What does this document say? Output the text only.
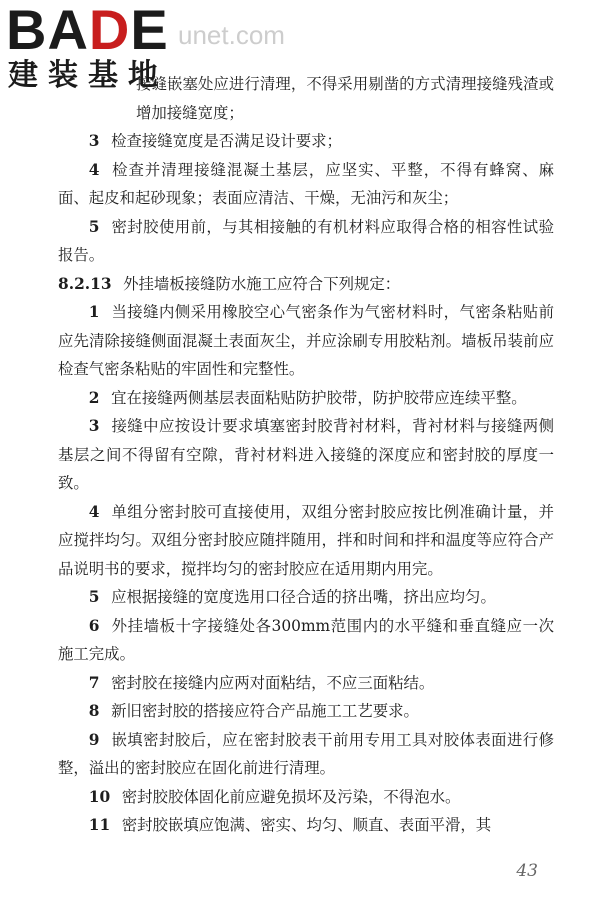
BADE
建装基地
unet.com

接缝嵌塞处应进行清理，不得采用剔凿的方式清理接缝残渣或增加接缝宽度；

3 检查接缝宽度是否满足设计要求；

4 检查并清理接缝混凝土基层，应坚实、平整，不得有蜂窝、麻面、起皮和起砂现象；表面应清洁、干燥，无油污和灰尘；

5 密封胶使用前，与其相接触的有机材料应取得合格的相容性试验报告。

8.2.13 外挂墙板接缝防水施工应符合下列规定：

1 当接缝内侧采用橡胶空心气密条作为气密材料时，气密条粘贴前应先清除接缝侧面混凝土表面灰尘，并应涂刷专用胶粘剂。墙板吊装前应检查气密条粘贴的牢固性和完整性。

2 宜在接缝两侧基层表面粘贴防护胶带，防护胶带应连续平整。

3 接缝中应按设计要求填塞密封胶背衬材料，背衬材料与接缝两侧基层之间不得留有空隙，背衬材料进入接缝的深度应和密封胶的厚度一致。

4 单组分密封胶可直接使用，双组分密封胶应按比例准确计量，并应搅拌均匀。双组分密封胶应随拌随用，拌和时间和拌和温度等应符合产品说明书的要求，搅拌均匀的密封胶应在适用期内用完。

5 应根据接缝的宽度选用口径合适的挤出嘴，挤出应均匀。

6 外挂墙板十字接缝处各300mm范围内的水平缝和垂直缝应一次施工完成。

7 密封胶在接缝内应两对面粘结，不应三面粘结。

8 新旧密封胶的搭接应符合产品施工工艺要求。

9 嵌填密封胶后，应在密封胶表干前用专用工具对胶体表面进行修整，溢出的密封胶应在固化前进行清理。

10 密封胶胶体固化前应避免损坏及污染，不得泡水。

11 密封胶嵌填应饱满、密实、均匀、顺直、表面平滑，其

43
